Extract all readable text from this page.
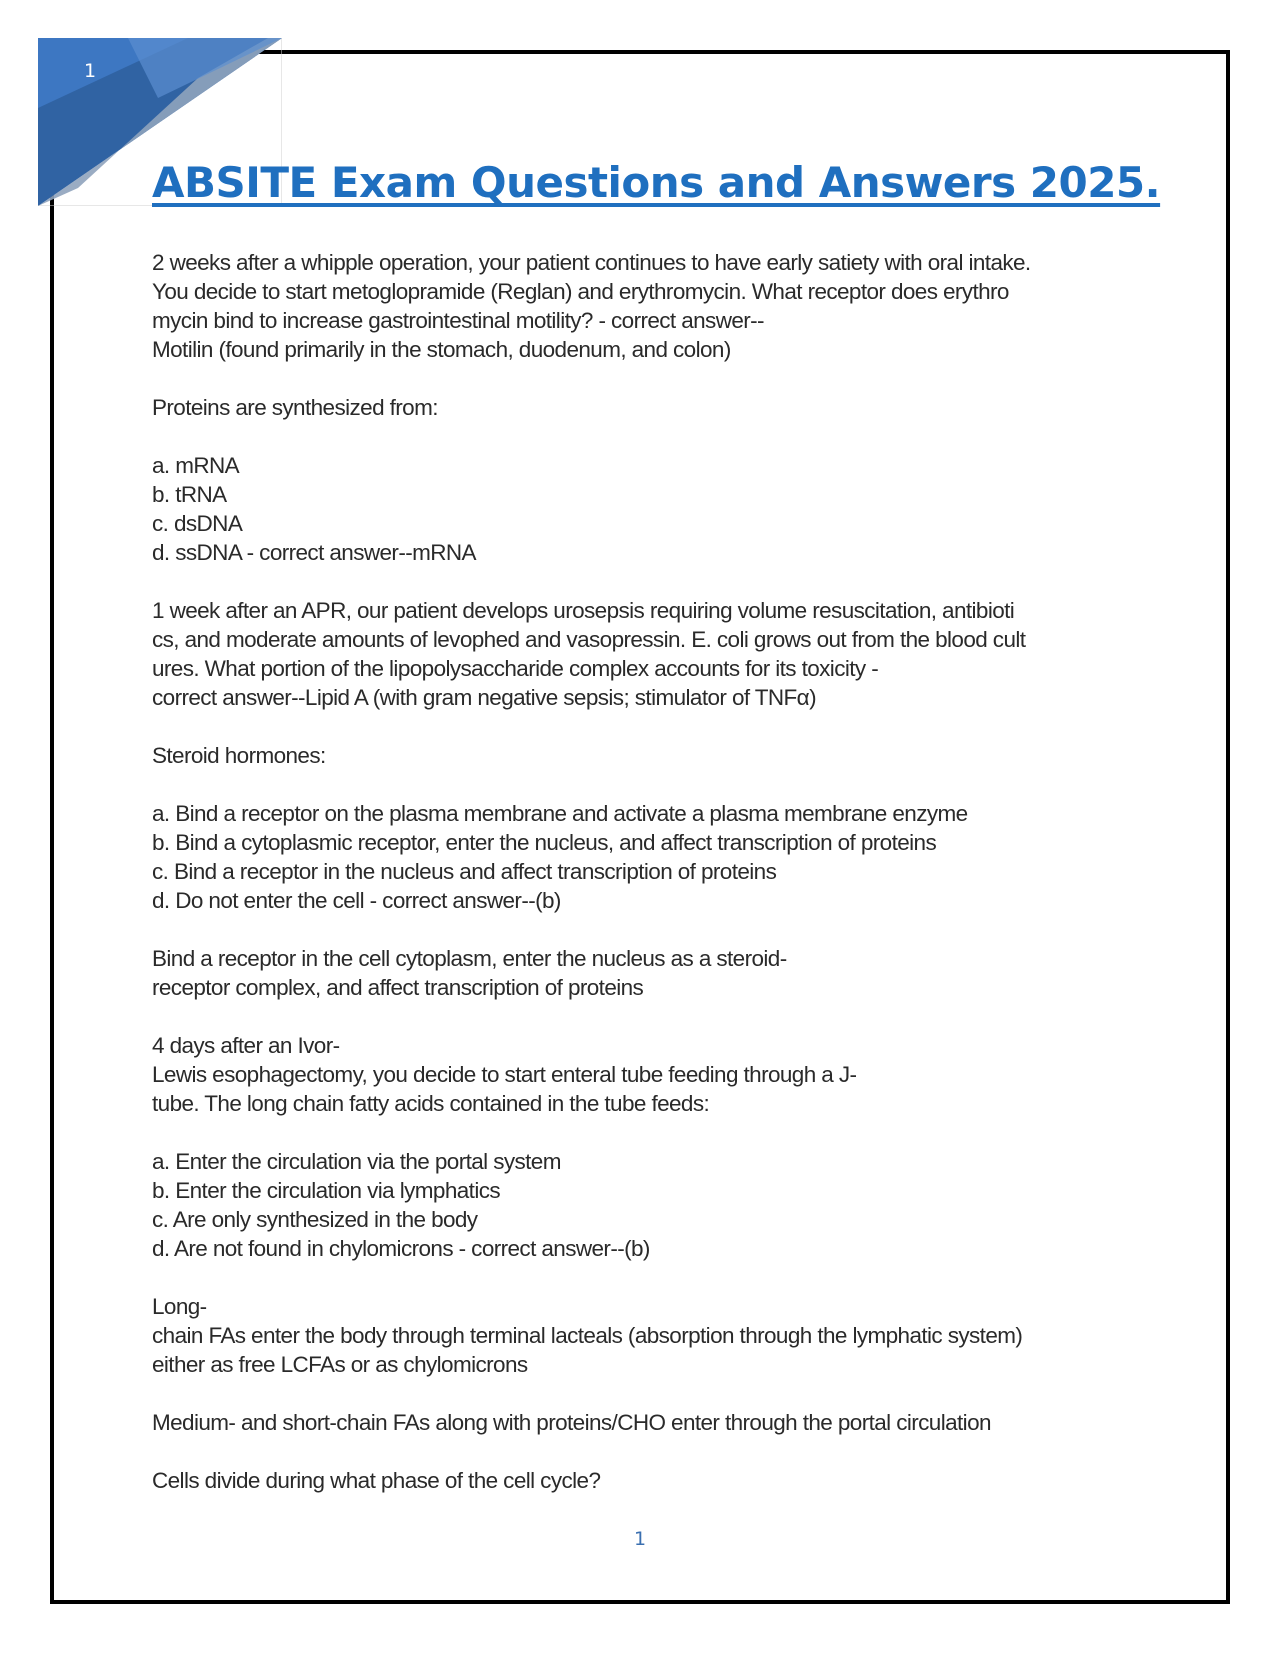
1
ABSITE Exam Questions and Answers 2025.

2 weeks after a whipple operation, your patient continues to have early satiety with oral intake.
You decide to start metoglopramide (Reglan) and erythromycin. What receptor does erythro
mycin bind to increase gastrointestinal motility? - correct answer--
Motilin (found primarily in the stomach, duodenum, and colon)

Proteins are synthesized from:

a. mRNA
b. tRNA
c. dsDNA
d. ssDNA - correct answer--mRNA

1 week after an APR, our patient develops urosepsis requiring volume resuscitation, antibioti
cs, and moderate amounts of levophed and vasopressin. E. coli grows out from the blood cult
ures. What portion of the lipopolysaccharide complex accounts for its toxicity -
correct answer--Lipid A (with gram negative sepsis; stimulator of TNFα)

Steroid hormones:

a. Bind a receptor on the plasma membrane and activate a plasma membrane enzyme
b. Bind a cytoplasmic receptor, enter the nucleus, and affect transcription of proteins
c. Bind a receptor in the nucleus and affect transcription of proteins
d. Do not enter the cell - correct answer--(b)

Bind a receptor in the cell cytoplasm, enter the nucleus as a steroid-
receptor complex, and affect transcription of proteins

4 days after an Ivor-
Lewis esophagectomy, you decide to start enteral tube feeding through a J-
tube. The long chain fatty acids contained in the tube feeds:

a. Enter the circulation via the portal system
b. Enter the circulation via lymphatics
c. Are only synthesized in the body
d. Are not found in chylomicrons - correct answer--(b)

Long-
chain FAs enter the body through terminal lacteals (absorption through the lymphatic system)
either as free LCFAs or as chylomicrons

Medium- and short-chain FAs along with proteins/CHO enter through the portal circulation

Cells divide during what phase of the cell cycle?

1
